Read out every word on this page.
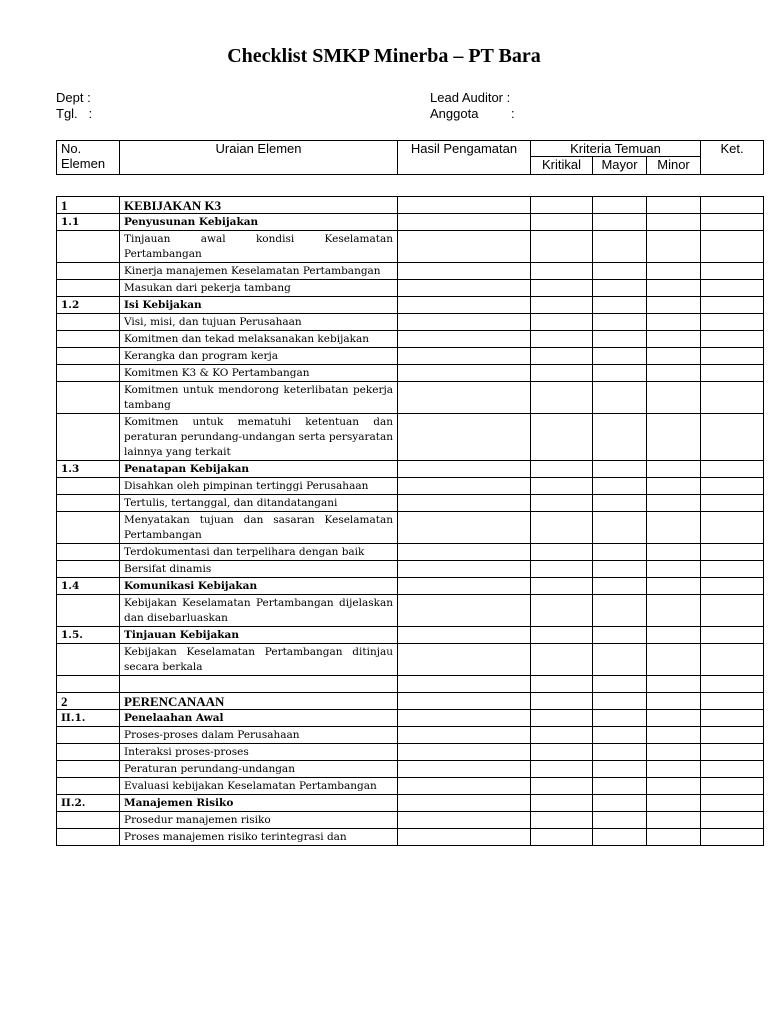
Checklist SMKP Minerba – PT Bara
Dept :
Tgl.   :
Lead Auditor :
Anggota         :
No. Elemen	Uraian Elemen	Hasil Pengamatan	Kriteria Temuan			Ket.
			Kritikal	Mayor	Minor	
1	KEBIJAKAN K3					
1.1	Penyusunan Kebijakan					
	Tinjauan awal kondisi Keselamatan Pertambangan					
	Kinerja manajemen Keselamatan Pertambangan					
	Masukan dari pekerja tambang					
1.2	Isi Kebijakan					
	Visi, misi, dan tujuan Perusahaan					
	Komitmen dan tekad melaksanakan kebijakan					
	Kerangka dan program kerja					
	Komitmen K3 & KO Pertambangan					
	Komitmen untuk mendorong keterlibatan pekerja tambang					
	Komitmen untuk mematuhi ketentuan dan peraturan perundang-undangan serta persyaratan lainnya yang terkait					
1.3	Penatapan Kebijakan					
	Disahkan oleh pimpinan tertinggi Perusahaan					
	Tertulis, tertanggal, dan ditandatangani					
	Menyatakan tujuan dan sasaran Keselamatan Pertambangan					
	Terdokumentasi dan terpelihara dengan baik					
	Bersifat dinamis					
1.4	Komunikasi Kebijakan					
	Kebijakan Keselamatan Pertambangan dijelaskan dan disebarluaskan					
1.5.	Tinjauan Kebijakan					
	Kebijakan Keselamatan Pertambangan ditinjau secara berkala					

2	PERENCANAAN					
II.1.	Penelaahan Awal					
	Proses-proses dalam Perusahaan					
	Interaksi proses-proses					
	Peraturan perundang-undangan					
	Evaluasi kebijakan Keselamatan Pertambangan					
II.2.	Manajemen Risiko					
	Prosedur manajemen risiko					
	Proses manajemen risiko terintegrasi dan					
